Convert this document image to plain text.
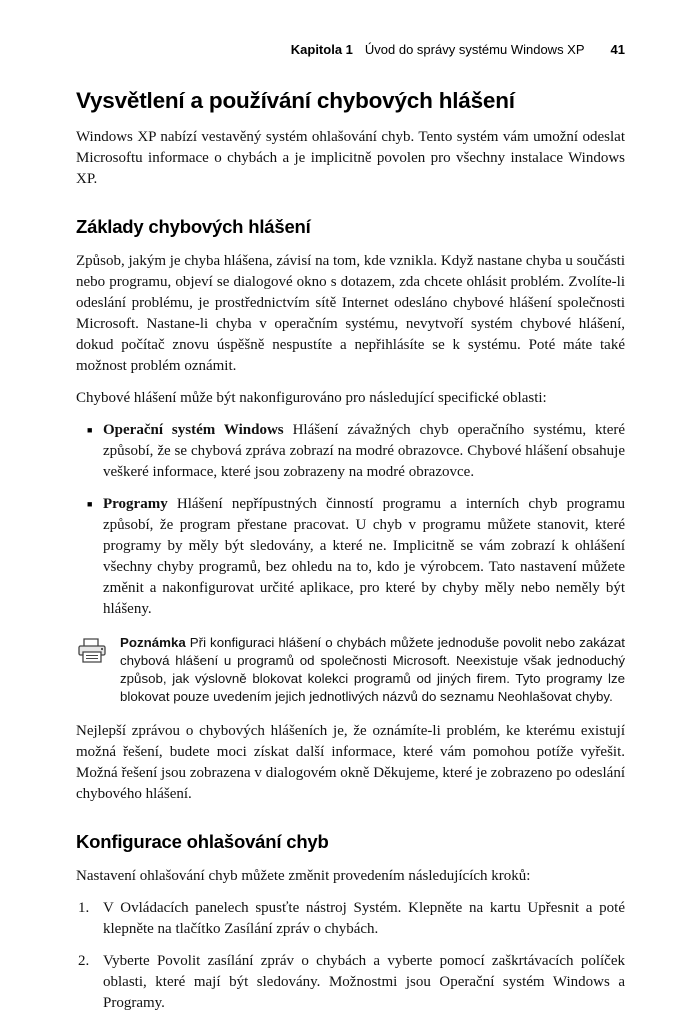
Kapitola 1 Úvod do správy systému Windows XP 41
Vysvětlení a používání chybových hlášení

Windows XP nabízí vestavěný systém ohlašování chyb. Tento systém vám umožní odeslat Microsoftu informace o chybách a je implicitně povolen pro všechny instalace Windows XP.

Základy chybových hlášení

Způsob, jakým je chyba hlášena, závisí na tom, kde vznikla. Když nastane chyba u součásti nebo programu, objeví se dialogové okno s dotazem, zda chcete ohlásit problém. Zvolíte-li odeslání problému, je prostřednictvím sítě Internet odesláno chybové hlášení společnosti Microsoft. Nastane-li chyba v operačním systému, nevytvoří systém chybové hlášení, dokud počítač znovu úspěšně nespustíte a nepřihlásíte se k systému. Poté máte také možnost problém oznámit.

Chybové hlášení může být nakonfigurováno pro následující specifické oblasti:

■ Operační systém Windows Hlášení závažných chyb operačního systému, které způsobí, že se chybová zpráva zobrazí na modré obrazovce. Chybové hlášení obsahuje veškeré informace, které jsou zobrazeny na modré obrazovce.
■ Programy Hlášení nepřípustných činností programu a interních chyb programu způsobí, že program přestane pracovat. U chyb v programu můžete stanovit, které programy by měly být sledovány, a které ne. Implicitně se vám zobrazí k ohlášení všechny chyby programů, bez ohledu na to, kdo je výrobcem. Tato nastavení můžete změnit a nakonfigurovat určité aplikace, pro které by chyby měly nebo neměly být hlášeny.
Poznámka Při konfiguraci hlášení o chybách můžete jednoduše povolit nebo zakázat chybová hlášení u programů od společnosti Microsoft. Neexistuje však jednoduchý způsob, jak výslovně blokovat kolekci programů od jiných firem. Tyto programy lze blokovat pouze uvedením jejich jednotlivých názvů do seznamu Neohlašovat chyby.

Nejlepší zprávou o chybových hlášeních je, že oznámíte-li problém, ke kterému existují možná řešení, budete moci získat další informace, které vám pomohou potíže vyřešit. Možná řešení jsou zobrazena v dialogovém okně Děkujeme, které je zobrazeno po odeslání chybového hlášení.

Konfigurace ohlašování chyb

Nastavení ohlašování chyb můžete změnit provedením následujících kroků:

1. V Ovládacích panelech spusťte nástroj Systém. Klepněte na kartu Upřesnit a poté klepněte na tlačítko Zasílání zpráv o chybách.
2. Vyberte Povolit zasílání zpráv o chybách a vyberte pomocí zaškrtávacích políček oblasti, které mají být sledovány. Možnostmi jsou Operační systém Windows a Programy.
